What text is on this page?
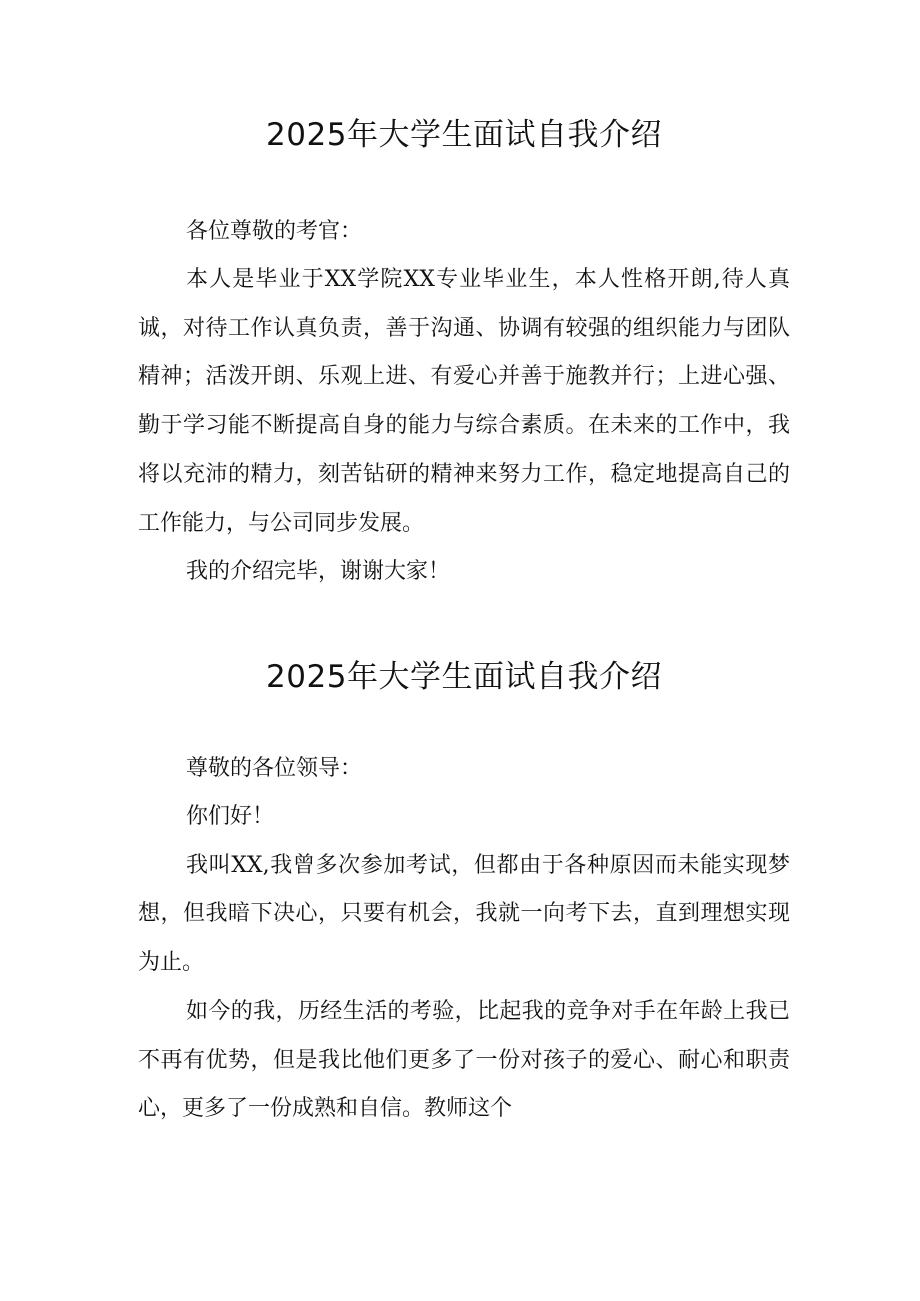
2025年大学生面试自我介绍

各位尊敬的考官：

本人是毕业于XX学院XX专业毕业生，本人性格开朗,待人真诚，对待工作认真负责，善于沟通、协调有较强的组织能力与团队精神；活泼开朗、乐观上进、有爱心并善于施教并行；上进心强、勤于学习能不断提高自身的能力与综合素质。在未来的工作中，我将以充沛的精力，刻苦钻研的精神来努力工作，稳定地提高自己的工作能力，与公司同步发展。

我的介绍完毕，谢谢大家！

2025年大学生面试自我介绍

尊敬的各位领导：

你们好！

我叫XX,我曾多次参加考试，但都由于各种原因而未能实现梦想，但我暗下决心，只要有机会，我就一向考下去，直到理想实现为止。

如今的我，历经生活的考验，比起我的竞争对手在年龄上我已不再有优势，但是我比他们更多了一份对孩子的爱心、耐心和职责心，更多了一份成熟和自信。教师这个
